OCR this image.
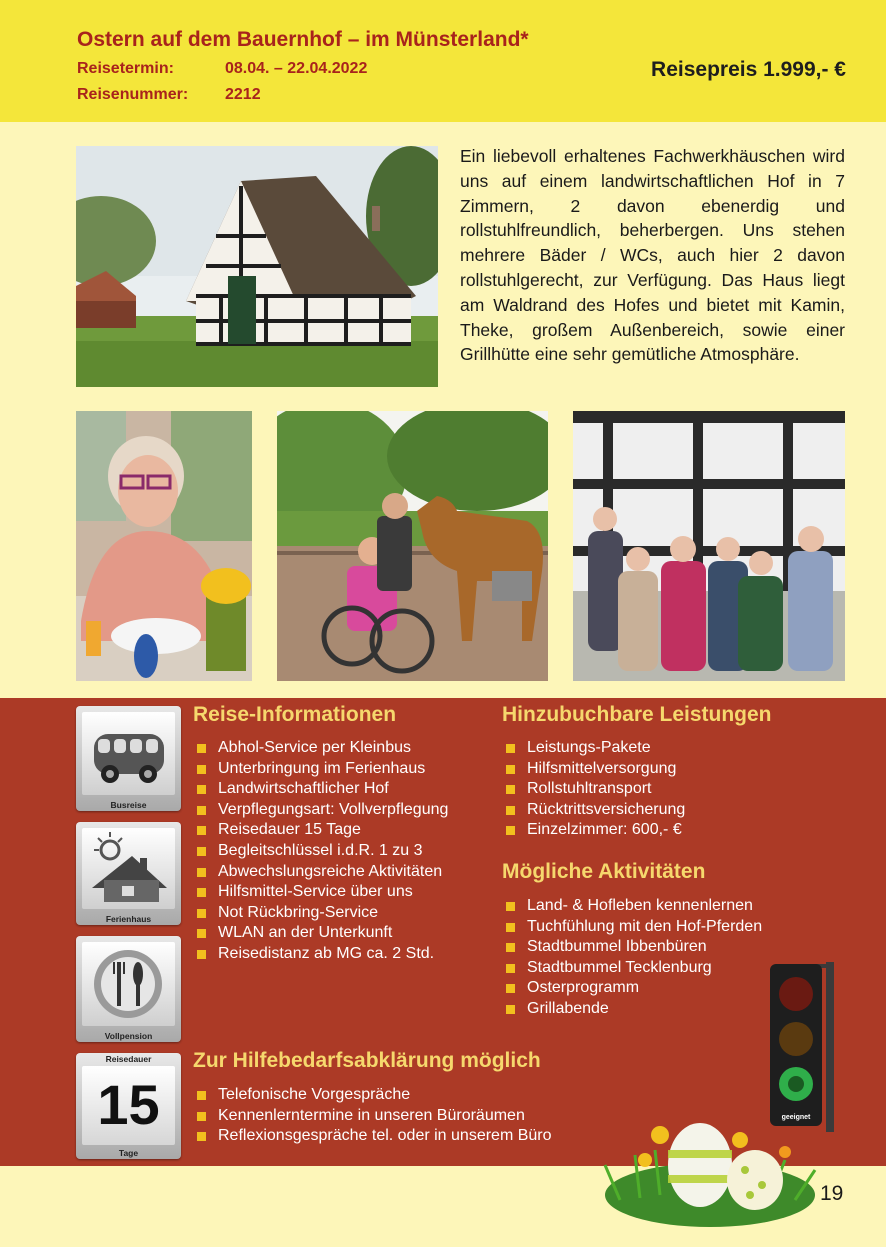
Ostern auf dem Bauernhof – im Münsterland*
Reisetermin:	08.04. – 22.04.2022
Reisenummer: 2212
Reisepreis 1.999,- €
Ein liebevoll erhaltenes Fachwerkhäuschen wird uns auf einem landwirtschaftlichen Hof in 7 Zimmern, 2 davon ebenerdig und rollstuhlfreundlich, beherbergen. Uns stehen mehrere Bäder / WCs, auch hier 2 davon rollstuhlgerecht, zur Verfügung. Das Haus liegt am Waldrand des Hofes und bietet mit Kamin, Theke, großem Außenbereich, sowie einer Grillhütte eine sehr gemütliche Atmosphäre.
Busreise
Ferienhaus
Vollpension
Reisedauer
15
Tage
Reise-Informationen
Abhol-Service per Kleinbus
Unterbringung im Ferienhaus
Landwirtschaftlicher Hof
Verpflegungsart: Vollverpflegung
Reisedauer 15 Tage
Begleitschlüssel i.d.R. 1 zu 3
Abwechslungsreiche Aktivitäten
Hilfsmittel-Service über uns
Not Rückbring-Service
WLAN an der Unterkunft
Reisedistanz ab MG ca. 2 Std.
Hinzubuchbare Leistungen
Leistungs-Pakete
Hilfsmittelversorgung
Rollstuhltransport
Rücktrittsversicherung
Einzelzimmer: 600,- €
Mögliche Aktivitäten
Land- & Hofleben kennenlernen
Tuchfühlung mit den Hof-Pferden
Stadtbummel Ibbenbüren
Stadtbummel Tecklenburg
Osterprogramm
Grillabende
Zur Hilfebedarfsabklärung möglich
Telefonische Vorgespräche
Kennenlerntermine in unseren Büroräumen
Reflexionsgespräche tel. oder in unserem Büro
geeignet
19
